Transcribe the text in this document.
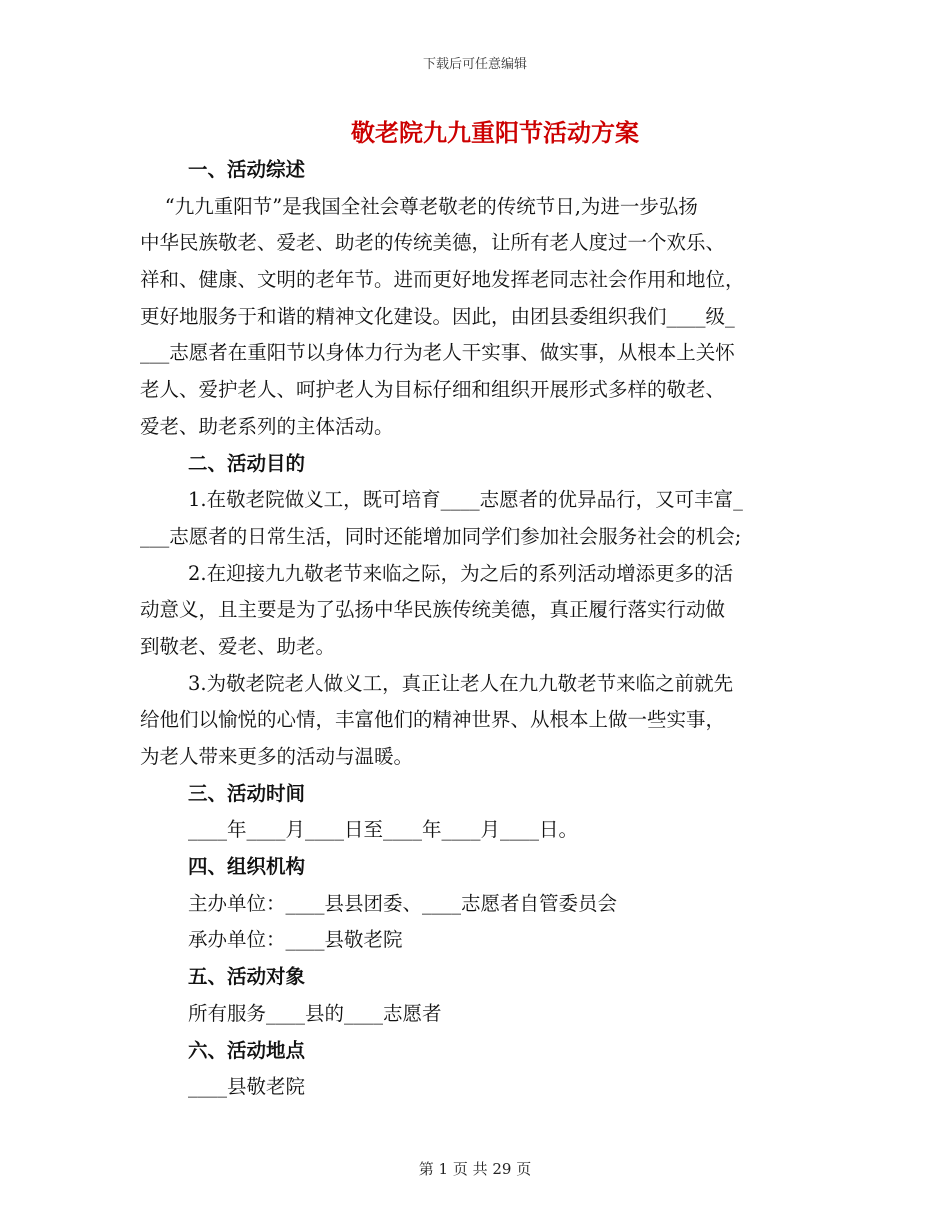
下载后可任意编辑
敬老院九九重阳节活动方案
一、活动综述
“九九重阳节”是我国全社会尊老敬老的传统节日,为进一步弘扬
中华民族敬老、爱老、助老的传统美德，让所有老人度过一个欢乐、
祥和、健康、文明的老年节。进而更好地发挥老同志社会作用和地位，
更好地服务于和谐的精神文化建设。因此，由团县委组织我们____级_
___志愿者在重阳节以身体力行为老人干实事、做实事，从根本上关怀
老人、爱护老人、呵护老人为目标仔细和组织开展形式多样的敬老、
爱老、助老系列的主体活动。
二、活动目的
1.在敬老院做义工，既可培育____志愿者的优异品行，又可丰富_
___志愿者的日常生活，同时还能增加同学们参加社会服务社会的机会;
2.在迎接九九敬老节来临之际，为之后的系列活动增添更多的活
动意义，且主要是为了弘扬中华民族传统美德，真正履行落实行动做
到敬老、爱老、助老。
3.为敬老院老人做义工，真正让老人在九九敬老节来临之前就先
给他们以愉悦的心情，丰富他们的精神世界、从根本上做一些实事，
为老人带来更多的活动与温暖。
三、活动时间
____年____月____日至____年____月____日。
四、组织机构
主办单位：____县县团委、____志愿者自管委员会
承办单位：____县敬老院
五、活动对象
所有服务____县的____志愿者
六、活动地点
____县敬老院
第 1 页 共 29 页
